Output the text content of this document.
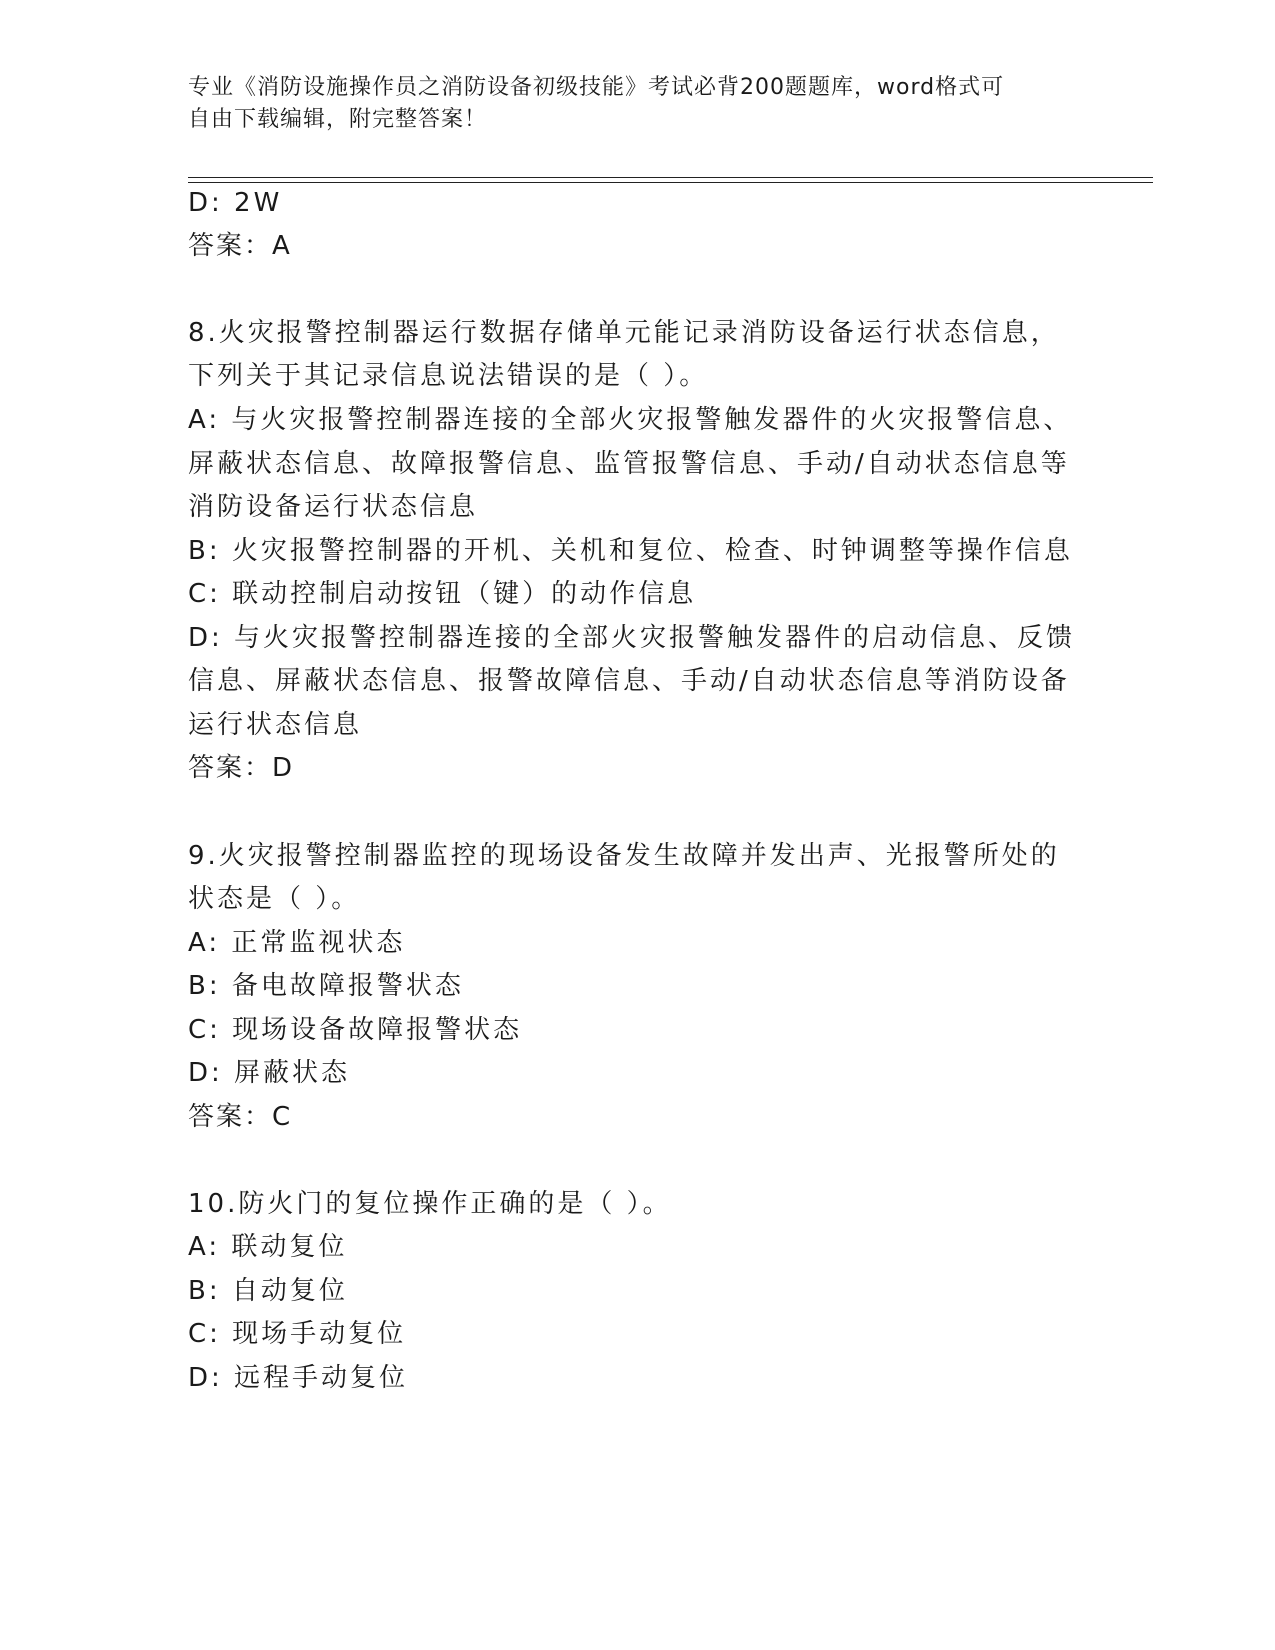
专业《消防设施操作员之消防设备初级技能》考试必背200题题库，word格式可
自由下载编辑，附完整答案！
D: 2W
答案：A
8.火灾报警控制器运行数据存储单元能记录消防设备运行状态信息，
下列关于其记录信息说法错误的是（ ）。
A: 与火灾报警控制器连接的全部火灾报警触发器件的火灾报警信息、
屏蔽状态信息、故障报警信息、监管报警信息、手动/自动状态信息等
消防设备运行状态信息
B: 火灾报警控制器的开机、关机和复位、检查、时钟调整等操作信息
C: 联动控制启动按钮（键）的动作信息
D: 与火灾报警控制器连接的全部火灾报警触发器件的启动信息、反馈
信息、屏蔽状态信息、报警故障信息、手动/自动状态信息等消防设备
运行状态信息
答案：D
9.火灾报警控制器监控的现场设备发生故障并发出声、光报警所处的
状态是（ ）。
A: 正常监视状态
B: 备电故障报警状态
C: 现场设备故障报警状态
D: 屏蔽状态
答案：C
10.防火门的复位操作正确的是（ ）。
A: 联动复位
B: 自动复位
C: 现场手动复位
D: 远程手动复位
